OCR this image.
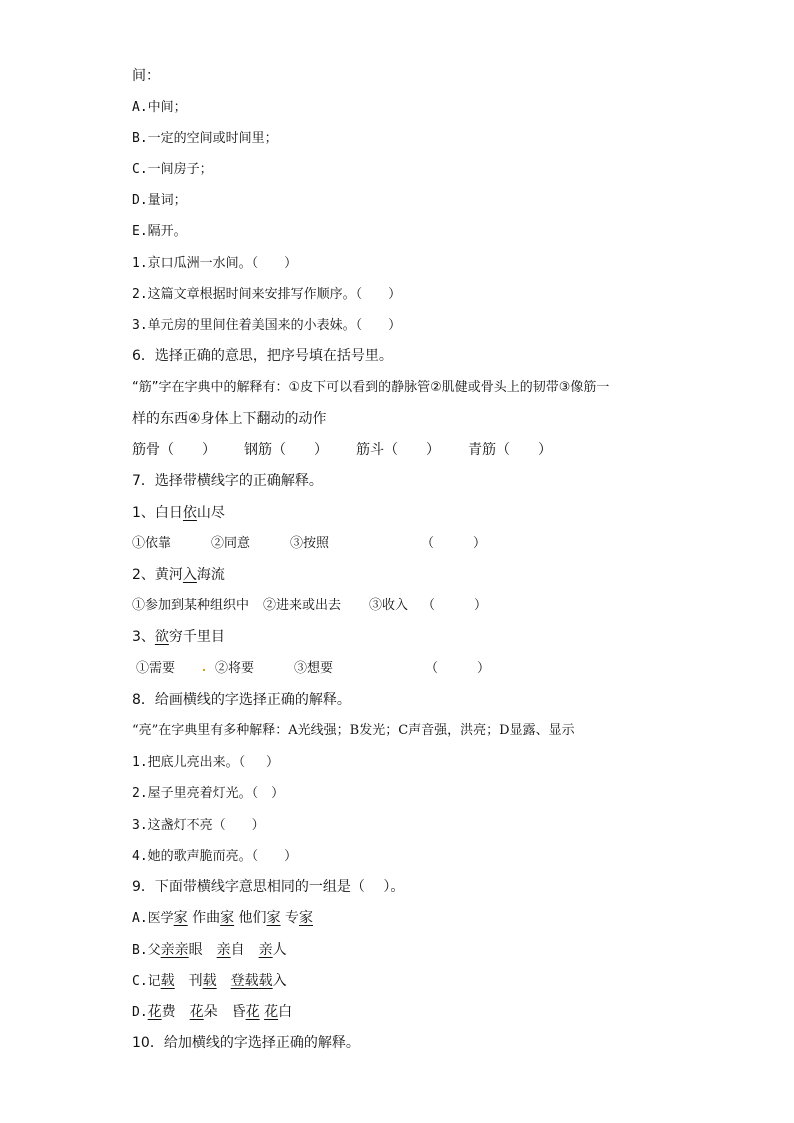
间：
A.中间；
B.一定的空间或时间里；
C.一间房子；
D.量词；
E.隔开。
1.京口瓜洲一水间。（　　）
2.这篇文章根据时间来安排写作顺序。（　　）
3.单元房的里间住着美国来的小表妹。（　　）
6．选择正确的意思，把序号填在括号里。
“筋”字在字典中的解释有：①皮下可以看到的静脉管②肌健或骨头上的韧带③像筋一
样的东西④身体上下翻动的动作
筋骨（　　） 钢筋（　　） 筋斗（　　） 青筋（　　）
7．选择带横线字的正确解释。
1、白日依山尽
①依靠	②同意	③按照	（　　　）
2、黄河入海流
①参加到某种组织中 ②进来或出去 ③收入 （　　　）
3、欲穷千里目
①需要	②将要	③想要	（　　　）
8．给画横线的字选择正确的解释。
“亮”在字典里有多种解释：A光线强；B发光；C声音强，洪亮；D显露、显示
1.把底儿亮出来。（　 ）
2.屋子里亮着灯光。（　）
3.这盏灯不亮（　　）
4.她的歌声脆而亮。（　　）
9．下面带横线字意思相同的一组是（　 ）。
A.医学家 作曲家 他们家 专家
B.父亲亲眼　亲自　亲人
C.记载　刊载　 登载载入
D.花费　花朵　昏花 花白
10．给加横线的字选择正确的解释。
